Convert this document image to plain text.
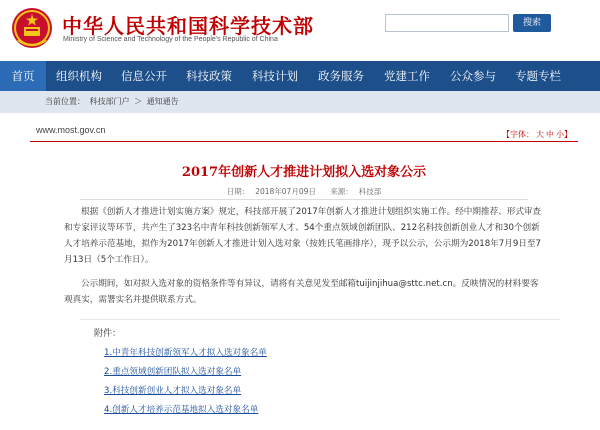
中华人民共和国科学技术部
Ministry of Science and Technology of the People's Republic of China
搜索
首页	组织机构	信息公开	科技政策	科技计划	政务服务	党建工作	公众参与	专题专栏
当前位置： 科技部门户 ＞ 通知通告
www.most.gov.cn	【字体： 大 中 小】
2017年创新人才推进计划拟入选对象公示
日期： 2018年07月09日 来源： 科技部
根据《创新人才推进计划实施方案》规定，科技部开展了2017年创新人才推进计划组织实施工作。经中期推荐、形式审查和专家评议等环节，共产生了323名中青年科技创新领军人才、54个重点领域创新团队、212名科技创新创业人才和30个创新人才培养示范基地，拟作为2017年创新人才推进计划入选对象（按姓氏笔画排序），现予以公示，公示期为2018年7月9日至7月13日（5个工作日）。
公示期间，如对拟入选对象的资格条件等有异议，请将有关意见发至邮箱tuijinjihua@sttc.net.cn。反映情况的材料要客观真实，需署实名并提供联系方式。
附件：
1.中青年科技创新领军人才拟入选对象名单
2.重点领域创新团队拟入选对象名单
3.科技创新创业人才拟入选对象名单
4.创新人才培养示范基地拟入选对象名单
